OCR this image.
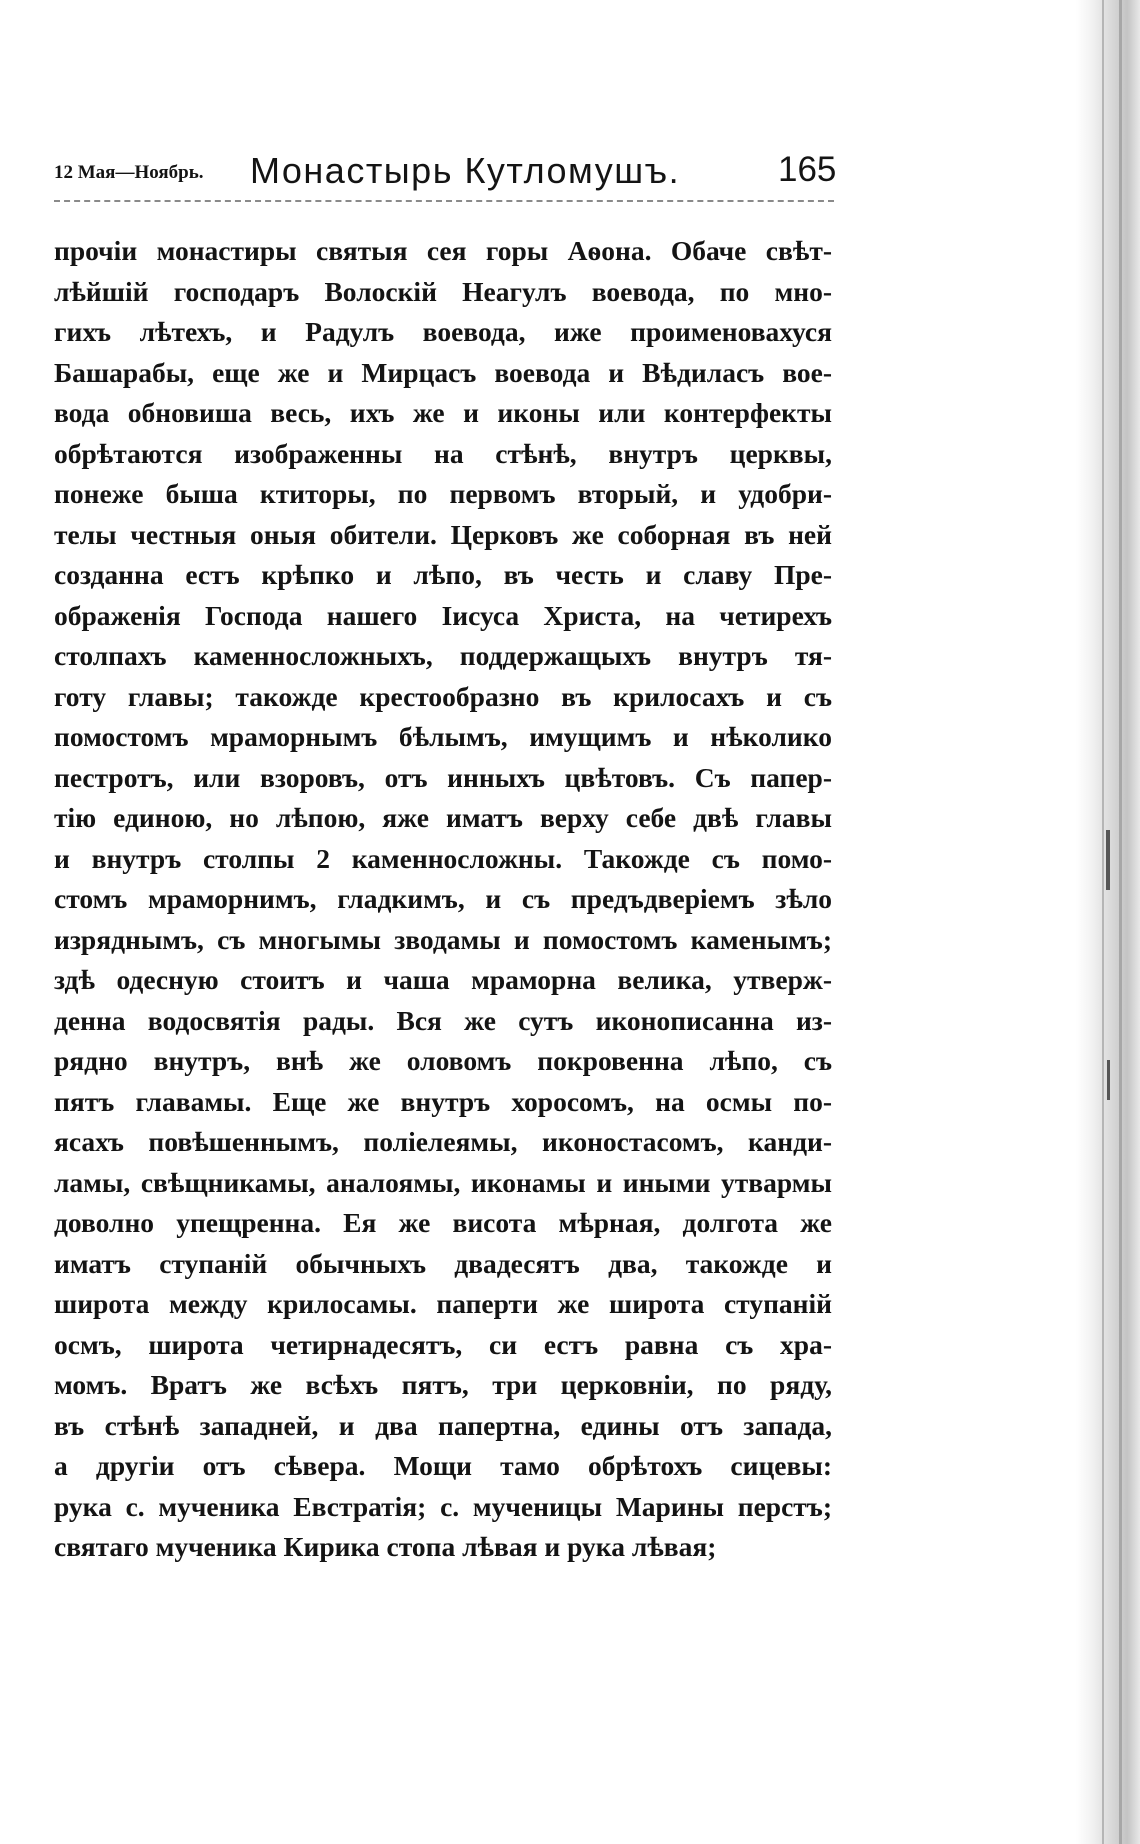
12 Мая—Ноябрь. Монастырь Кутломушъ.	165
прочіи монастиры святыя сея горы Аѳона. Обаче свѣт-
лѣйшій господаръ Волоскій Неагулъ воевода, по мно-
гихъ лѣтехъ, и Радулъ воевода, иже проименовахуся
Башарабы, еще же и Мирцасъ воевода и Вѣдиласъ вое-
вода обновиша весь, ихъ же и иконы или контерфекты
обрѣтаются изображенны на стѣнѣ, внутръ церквы,
понеже быша ктиторы, по первомъ вторый, и удобри-
телы честныя оныя обители. Церковъ же соборная въ ней
созданна естъ крѣпко и лѣпо, въ честь и славу Пре-
ображенія Господа нашего Іисуса Христа, на четирехъ
столпахъ каменносложныхъ, поддержащыхъ внутръ тя-
готу главы; такожде крестообразно въ крилосахъ и съ
помостомъ мраморнымъ бѣлымъ, имущимъ и нѣколико
пестротъ, или взоровъ, отъ инныхъ цвѣтовъ. Съ папер-
тію единою, но лѣпою, яже иматъ верху себе двѣ главы
и внутръ столпы 2 каменносложны. Такожде съ помо-
стомъ мраморнимъ, гладкимъ, и съ предъдверіемъ зѣло
изряднымъ, съ многымы зводамы и помостомъ каменымъ;
здѣ одесную стоитъ и чаша мраморна велика, утверж-
денна водосвятія рады. Вся же сутъ иконописанна из-
рядно внутръ, внѣ же оловомъ покровенна лѣпо, съ
пятъ главамы. Еще же внутръ хоросомъ, на осмы по-
ясахъ повѣшеннымъ, поліелеямы, иконостасомъ, канди-
ламы, свѣщникамы, аналоямы, иконамы и иными утвармы
доволно упещренна. Ея же висота мѣрная, долгота же
иматъ ступаній обычныхъ двадесятъ два, такожде и
широта между крилосамы. паперти же широта ступаній
осмъ, широта четирнадесятъ, си естъ равна съ хра-
момъ. Вратъ же всѣхъ пятъ, три церковніи, по ряду,
въ стѣнѣ западней, и два папертна, едины отъ запада,
а другіи отъ сѣвера. Мощи тамо обрѣтохъ сицевы:
рука с. мученика Евстратія; с. мученицы Марины перстъ;
святаго мученика Кирика стопа лѣвая и рука лѣвая;
